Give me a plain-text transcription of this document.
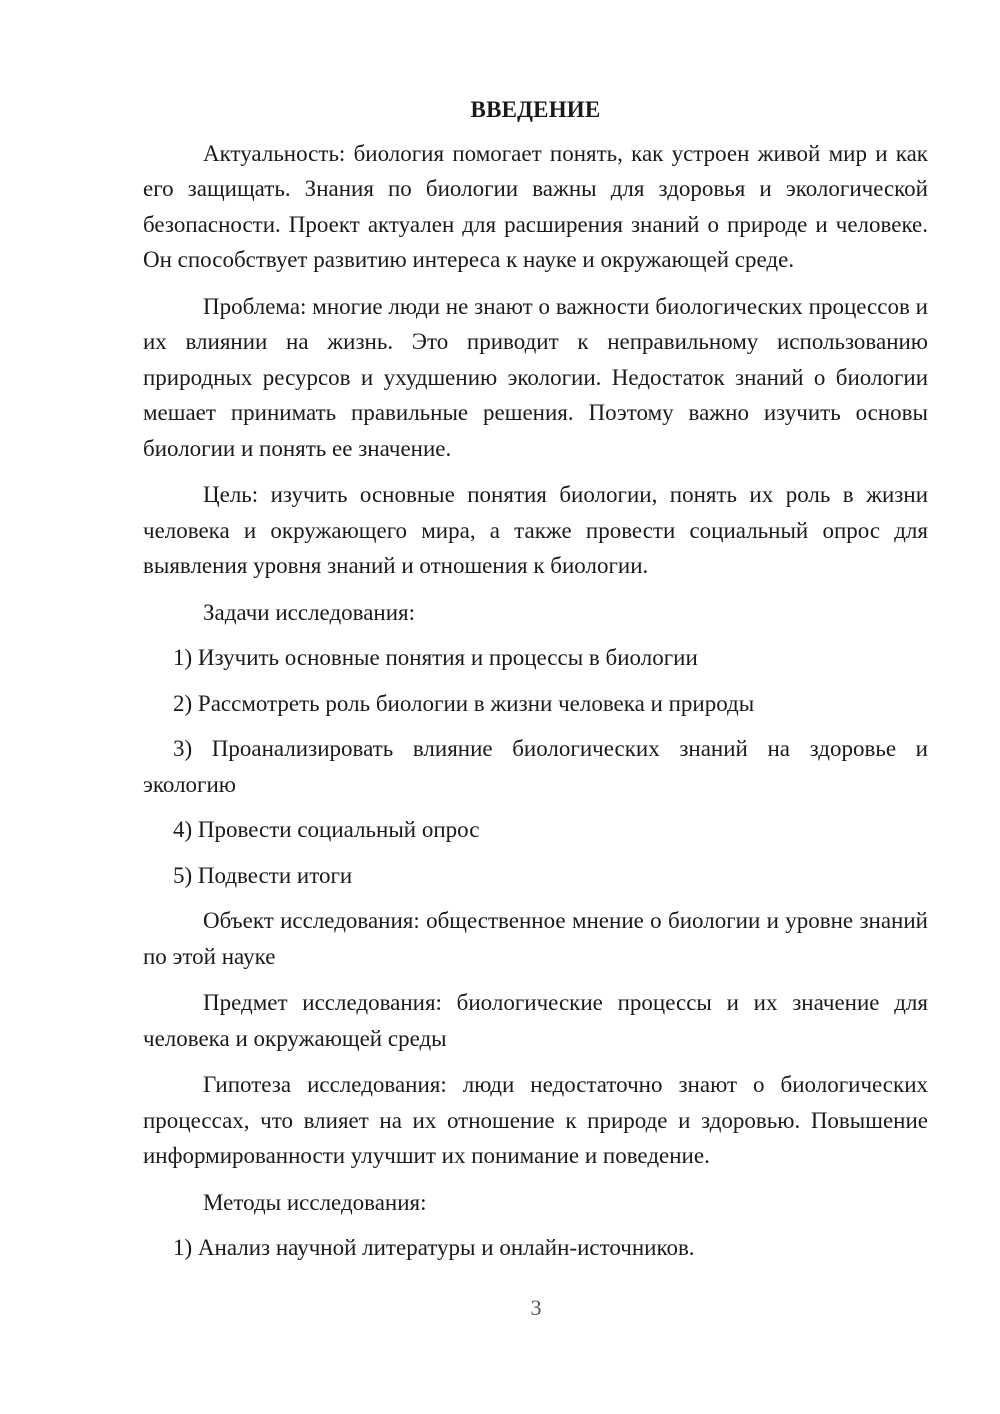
ВВЕДЕНИЕ

Актуальность: биология помогает понять, как устроен живой мир и как его защищать. Знания по биологии важны для здоровья и экологической безопасности. Проект актуален для расширения знаний о природе и человеке. Он способствует развитию интереса к науке и окружающей среде.

Проблема: многие люди не знают о важности биологических процессов и их влиянии на жизнь. Это приводит к неправильному использованию природных ресурсов и ухудшению экологии. Недостаток знаний о биологии мешает принимать правильные решения. Поэтому важно изучить основы биологии и понять ее значение.

Цель: изучить основные понятия биологии, понять их роль в жизни человека и окружающего мира, а также провести социальный опрос для выявления уровня знаний и отношения к биологии.

Задачи исследования:

1) Изучить основные понятия и процессы в биологии

2) Рассмотреть роль биологии в жизни человека и природы

3) Проанализировать влияние биологических знаний на здоровье и экологию

4) Провести социальный опрос

5) Подвести итоги

Объект исследования: общественное мнение о биологии и уровне знаний по этой науке

Предмет исследования: биологические процессы и их значение для человека и окружающей среды

Гипотеза исследования: люди недостаточно знают о биологических процессах, что влияет на их отношение к природе и здоровью. Повышение информированности улучшит их понимание и поведение.

Методы исследования:

1) Анализ научной литературы и онлайн-источников.

3
